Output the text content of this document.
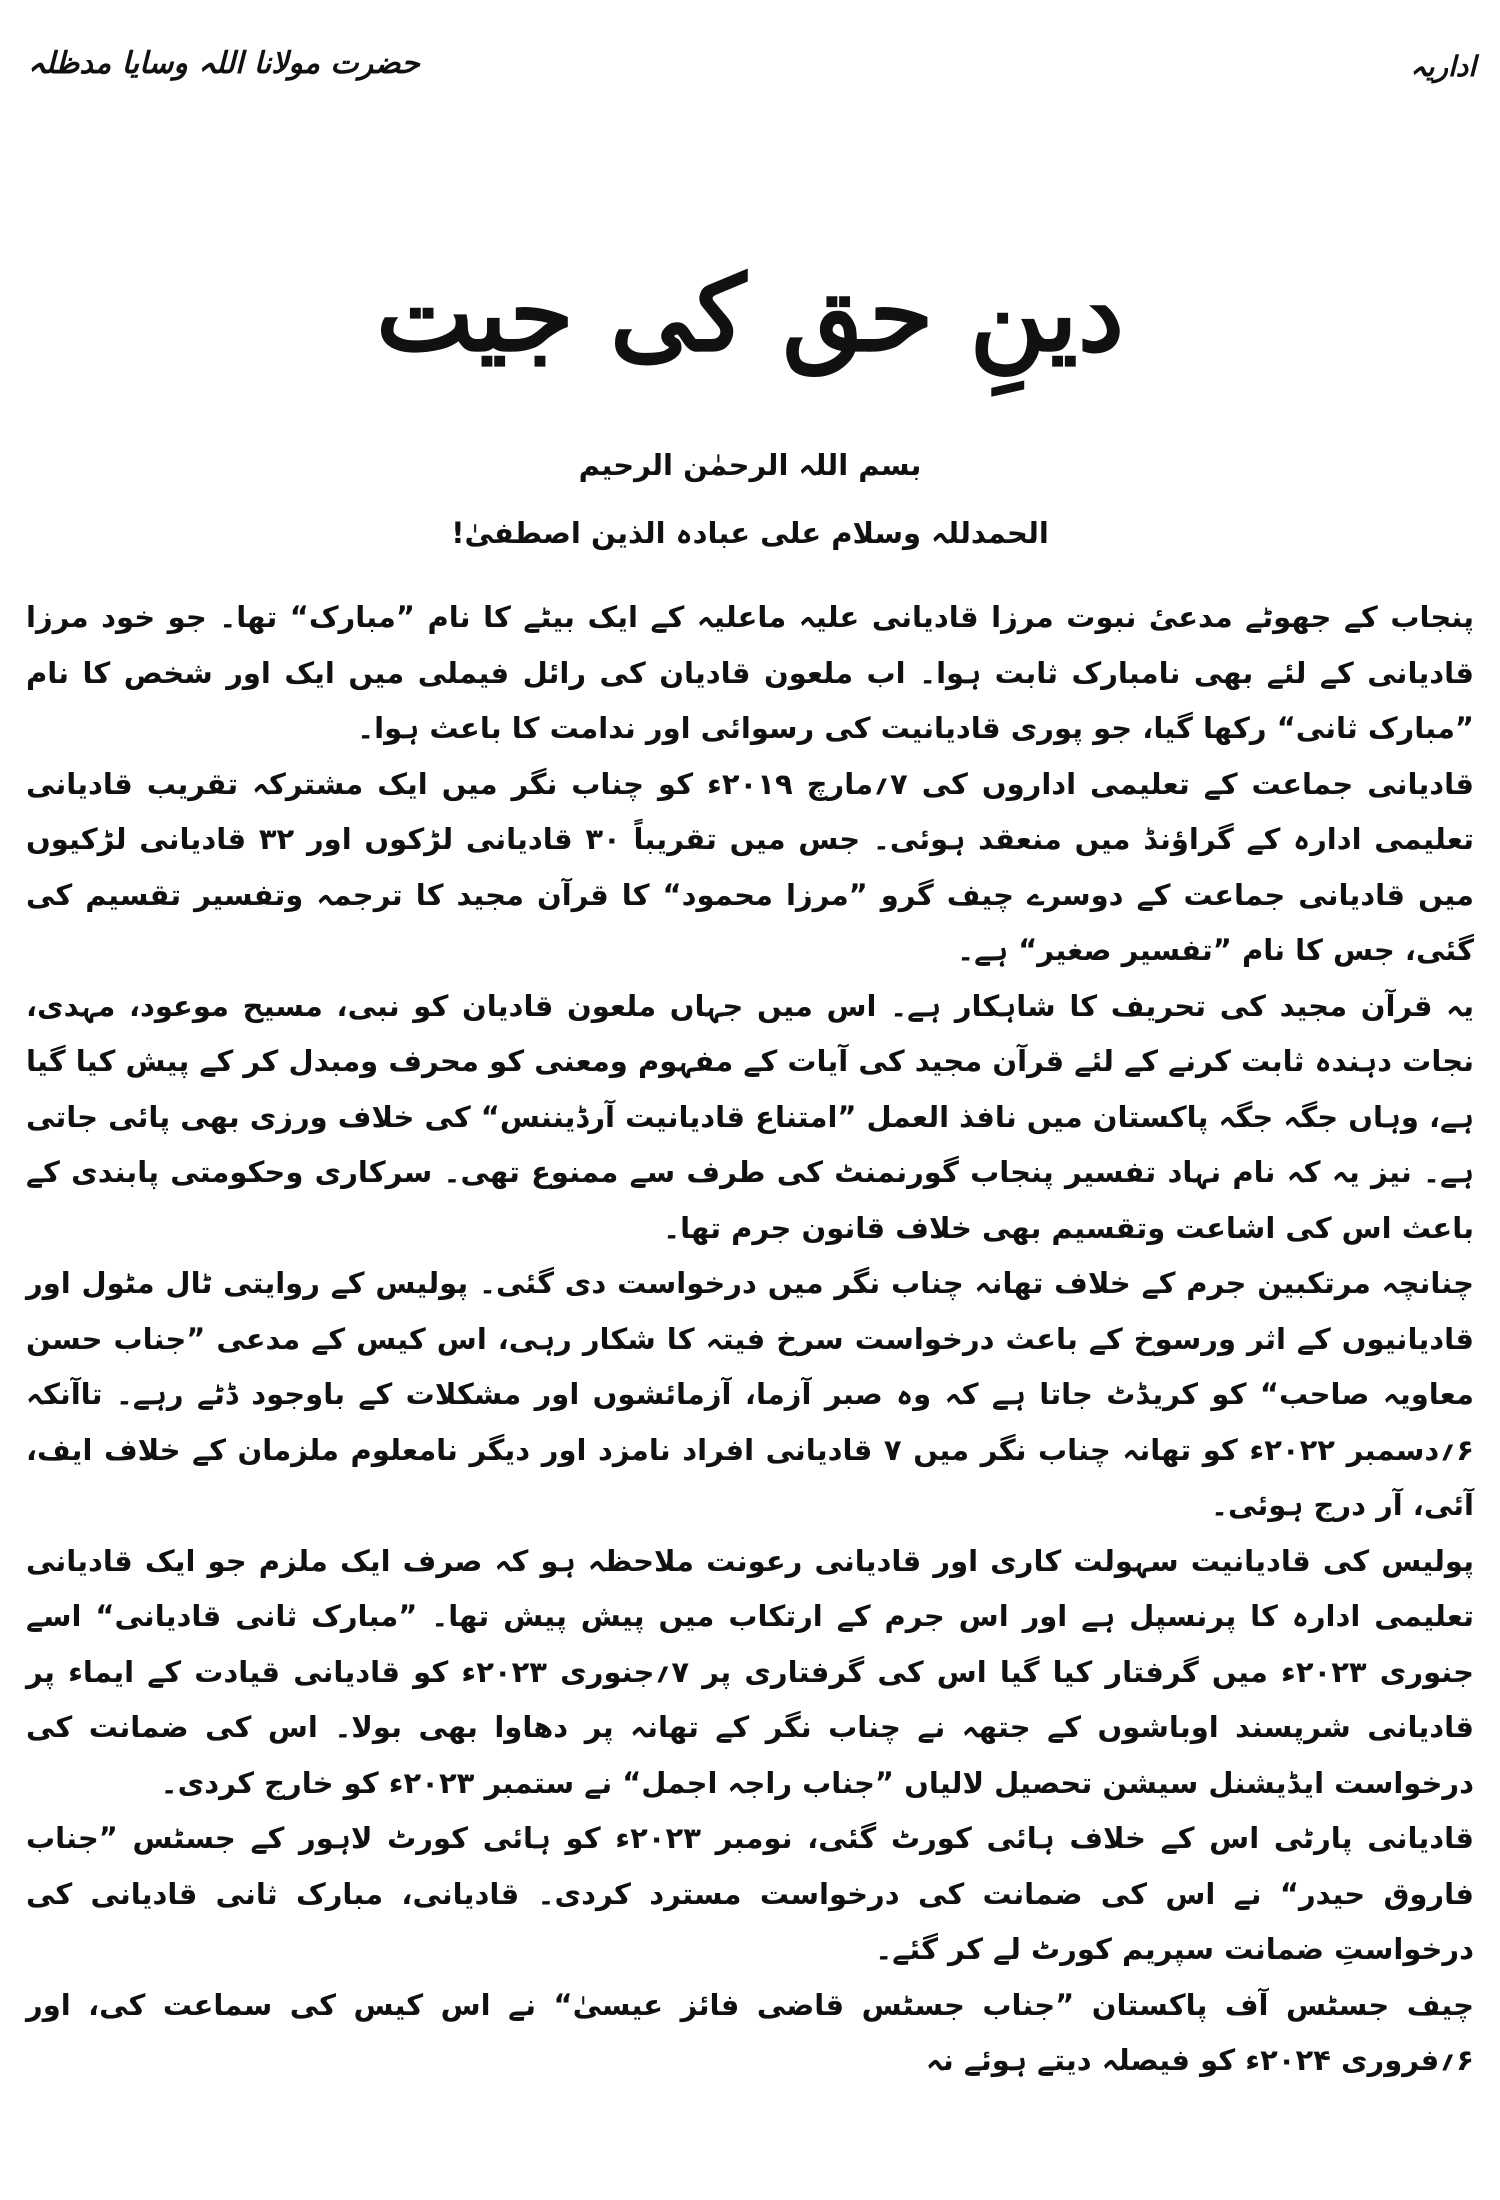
حضرت مولانا اللہ وسایا مدظلہ	اداریہ
دینِ حق کی جیت
بسم اللہ الرحمٰن الرحیم
الحمدللہ وسلام علی عبادہ الذین اصطفیٰ!

پنجاب کے جھوٹے مدعیٔ نبوت مرزا قادیانی علیہ ماعلیہ کے ایک بیٹے کا نام ”مبارک“ تھا۔ جو خود مرزا قادیانی کے لئے بھی نامبارک ثابت ہوا۔ اب ملعون قادیان کی رائل فیملی میں ایک اور شخص کا نام ”مبارک ثانی“ رکھا گیا، جو پوری قادیانیت کی رسوائی اور ندامت کا باعث ہوا۔

قادیانی جماعت کے تعلیمی اداروں کی ۷؍مارچ ۲۰۱۹ء کو چناب نگر میں ایک مشترکہ تقریب قادیانی تعلیمی ادارہ کے گراؤنڈ میں منعقد ہوئی۔ جس میں تقریباً ۳۰ قادیانی لڑکوں اور ۳۲ قادیانی لڑکیوں میں قادیانی جماعت کے دوسرے چیف گرو ”مرزا محمود“ کا قرآن مجید کا ترجمہ وتفسیر تقسیم کی گئی، جس کا نام ”تفسیر صغیر“ ہے۔

یہ قرآن مجید کی تحریف کا شاہکار ہے۔ اس میں جہاں ملعون قادیان کو نبی، مسیح موعود، مہدی، نجات دہندہ ثابت کرنے کے لئے قرآن مجید کی آیات کے مفہوم ومعنی کو محرف ومبدل کر کے پیش کیا گیا ہے، وہاں جگہ جگہ پاکستان میں نافذ العمل ”امتناع قادیانیت آرڈیننس“ کی خلاف ورزی بھی پائی جاتی ہے۔ نیز یہ کہ نام نہاد تفسیر پنجاب گورنمنٹ کی طرف سے ممنوع تھی۔ سرکاری وحکومتی پابندی کے باعث اس کی اشاعت وتقسیم بھی خلاف قانون جرم تھا۔

چنانچہ مرتکبین جرم کے خلاف تھانہ چناب نگر میں درخواست دی گئی۔ پولیس کے روایتی ٹال مٹول اور قادیانیوں کے اثر ورسوخ کے باعث درخواست سرخ فیتہ کا شکار رہی، اس کیس کے مدعی ”جناب حسن معاویہ صاحب“ کو کریڈٹ جاتا ہے کہ وہ صبر آزما، آزمائشوں اور مشکلات کے باوجود ڈٹے رہے۔ تاآنکہ ۶؍دسمبر ۲۰۲۲ء کو تھانہ چناب نگر میں ۷ قادیانی افراد نامزد اور دیگر نامعلوم ملزمان کے خلاف ایف، آئی، آر درج ہوئی۔

پولیس کی قادیانیت سہولت کاری اور قادیانی رعونت ملاحظہ ہو کہ صرف ایک ملزم جو ایک قادیانی تعلیمی ادارہ کا پرنسپل ہے اور اس جرم کے ارتکاب میں پیش پیش تھا۔ ”مبارک ثانی قادیانی“ اسے جنوری ۲۰۲۳ء میں گرفتار کیا گیا اس کی گرفتاری پر ۷؍جنوری ۲۰۲۳ء کو قادیانی قیادت کے ایماء پر قادیانی شرپسند اوباشوں کے جتھہ نے چناب نگر کے تھانہ پر دھاوا بھی بولا۔ اس کی ضمانت کی درخواست ایڈیشنل سیشن تحصیل لالیاں ”جناب راجہ اجمل“ نے ستمبر ۲۰۲۳ء کو خارج کردی۔

قادیانی پارٹی اس کے خلاف ہائی کورٹ گئی، نومبر ۲۰۲۳ء کو ہائی کورٹ لاہور کے جسٹس ”جناب فاروق حیدر“ نے اس کی ضمانت کی درخواست مسترد کردی۔ قادیانی، مبارک ثانی قادیانی کی درخواستِ ضمانت سپریم کورٹ لے کر گئے۔

چیف جسٹس آف پاکستان ”جناب جسٹس قاضی فائز عیسیٰ“ نے اس کیس کی سماعت کی، اور ۶؍فروری ۲۰۲۴ء کو فیصلہ دیتے ہوئے نہ
